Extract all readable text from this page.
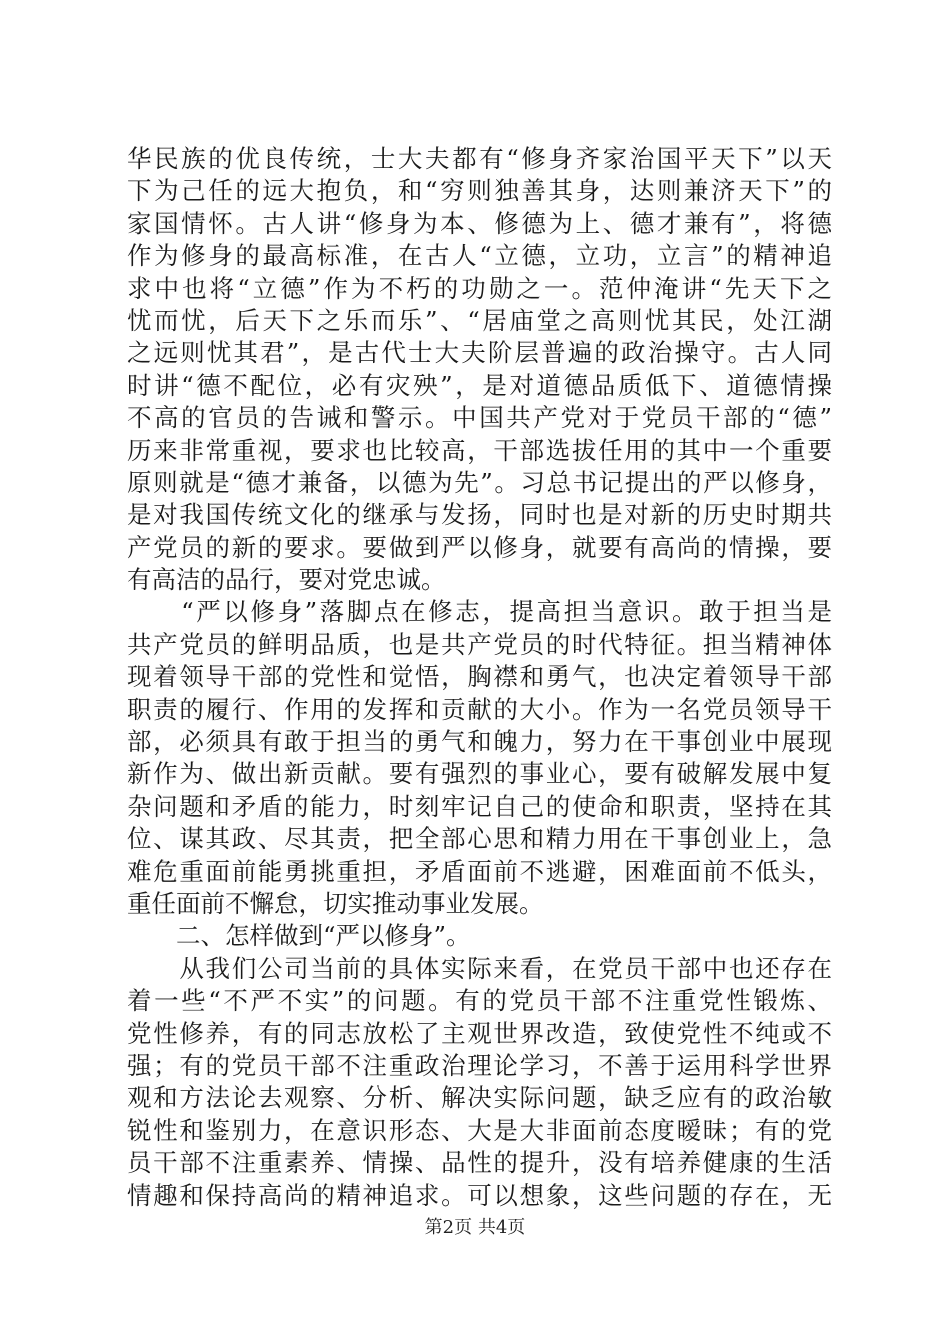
华民族的优良传统，士大夫都有“修身齐家治国平天下”以天
下为己任的远大抱负，和“穷则独善其身，达则兼济天下”的
家国情怀。古人讲“修身为本、修德为上、德才兼有”，将德
作为修身的最高标准，在古人“立德，立功，立言”的精神追
求中也将“立德”作为不朽的功勋之一。范仲淹讲“先天下之
忧而忧，后天下之乐而乐”、“居庙堂之高则忧其民，处江湖
之远则忧其君”，是古代士大夫阶层普遍的政治操守。古人同
时讲“德不配位，必有灾殃”，是对道德品质低下、道德情操
不高的官员的告诫和警示。中国共产党对于党员干部的“德”
历来非常重视，要求也比较高，干部选拔任用的其中一个重要
原则就是“德才兼备，以德为先”。习总书记提出的严以修身，
是对我国传统文化的继承与发扬，同时也是对新的历史时期共
产党员的新的要求。要做到严以修身，就要有高尚的情操，要
有高洁的品行，要对党忠诚。
　　“严以修身”落脚点在修志，提高担当意识。敢于担当是
共产党员的鲜明品质，也是共产党员的时代特征。担当精神体
现着领导干部的党性和觉悟，胸襟和勇气，也决定着领导干部
职责的履行、作用的发挥和贡献的大小。作为一名党员领导干
部，必须具有敢于担当的勇气和魄力，努力在干事创业中展现
新作为、做出新贡献。要有强烈的事业心，要有破解发展中复
杂问题和矛盾的能力，时刻牢记自己的使命和职责，坚持在其
位、谋其政、尽其责，把全部心思和精力用在干事创业上，急
难危重面前能勇挑重担，矛盾面前不逃避，困难面前不低头，
重任面前不懈怠，切实推动事业发展。
　　二、怎样做到“严以修身”。
　　从我们公司当前的具体实际来看，在党员干部中也还存在
着一些“不严不实”的问题。有的党员干部不注重党性锻炼、
党性修养，有的同志放松了主观世界改造，致使党性不纯或不
强；有的党员干部不注重政治理论学习，不善于运用科学世界
观和方法论去观察、分析、解决实际问题，缺乏应有的政治敏
锐性和鉴别力，在意识形态、大是大非面前态度暧昧；有的党
员干部不注重素养、情操、品性的提升，没有培养健康的生活
情趣和保持高尚的精神追求。可以想象，这些问题的存在，无
第2页 共4页
